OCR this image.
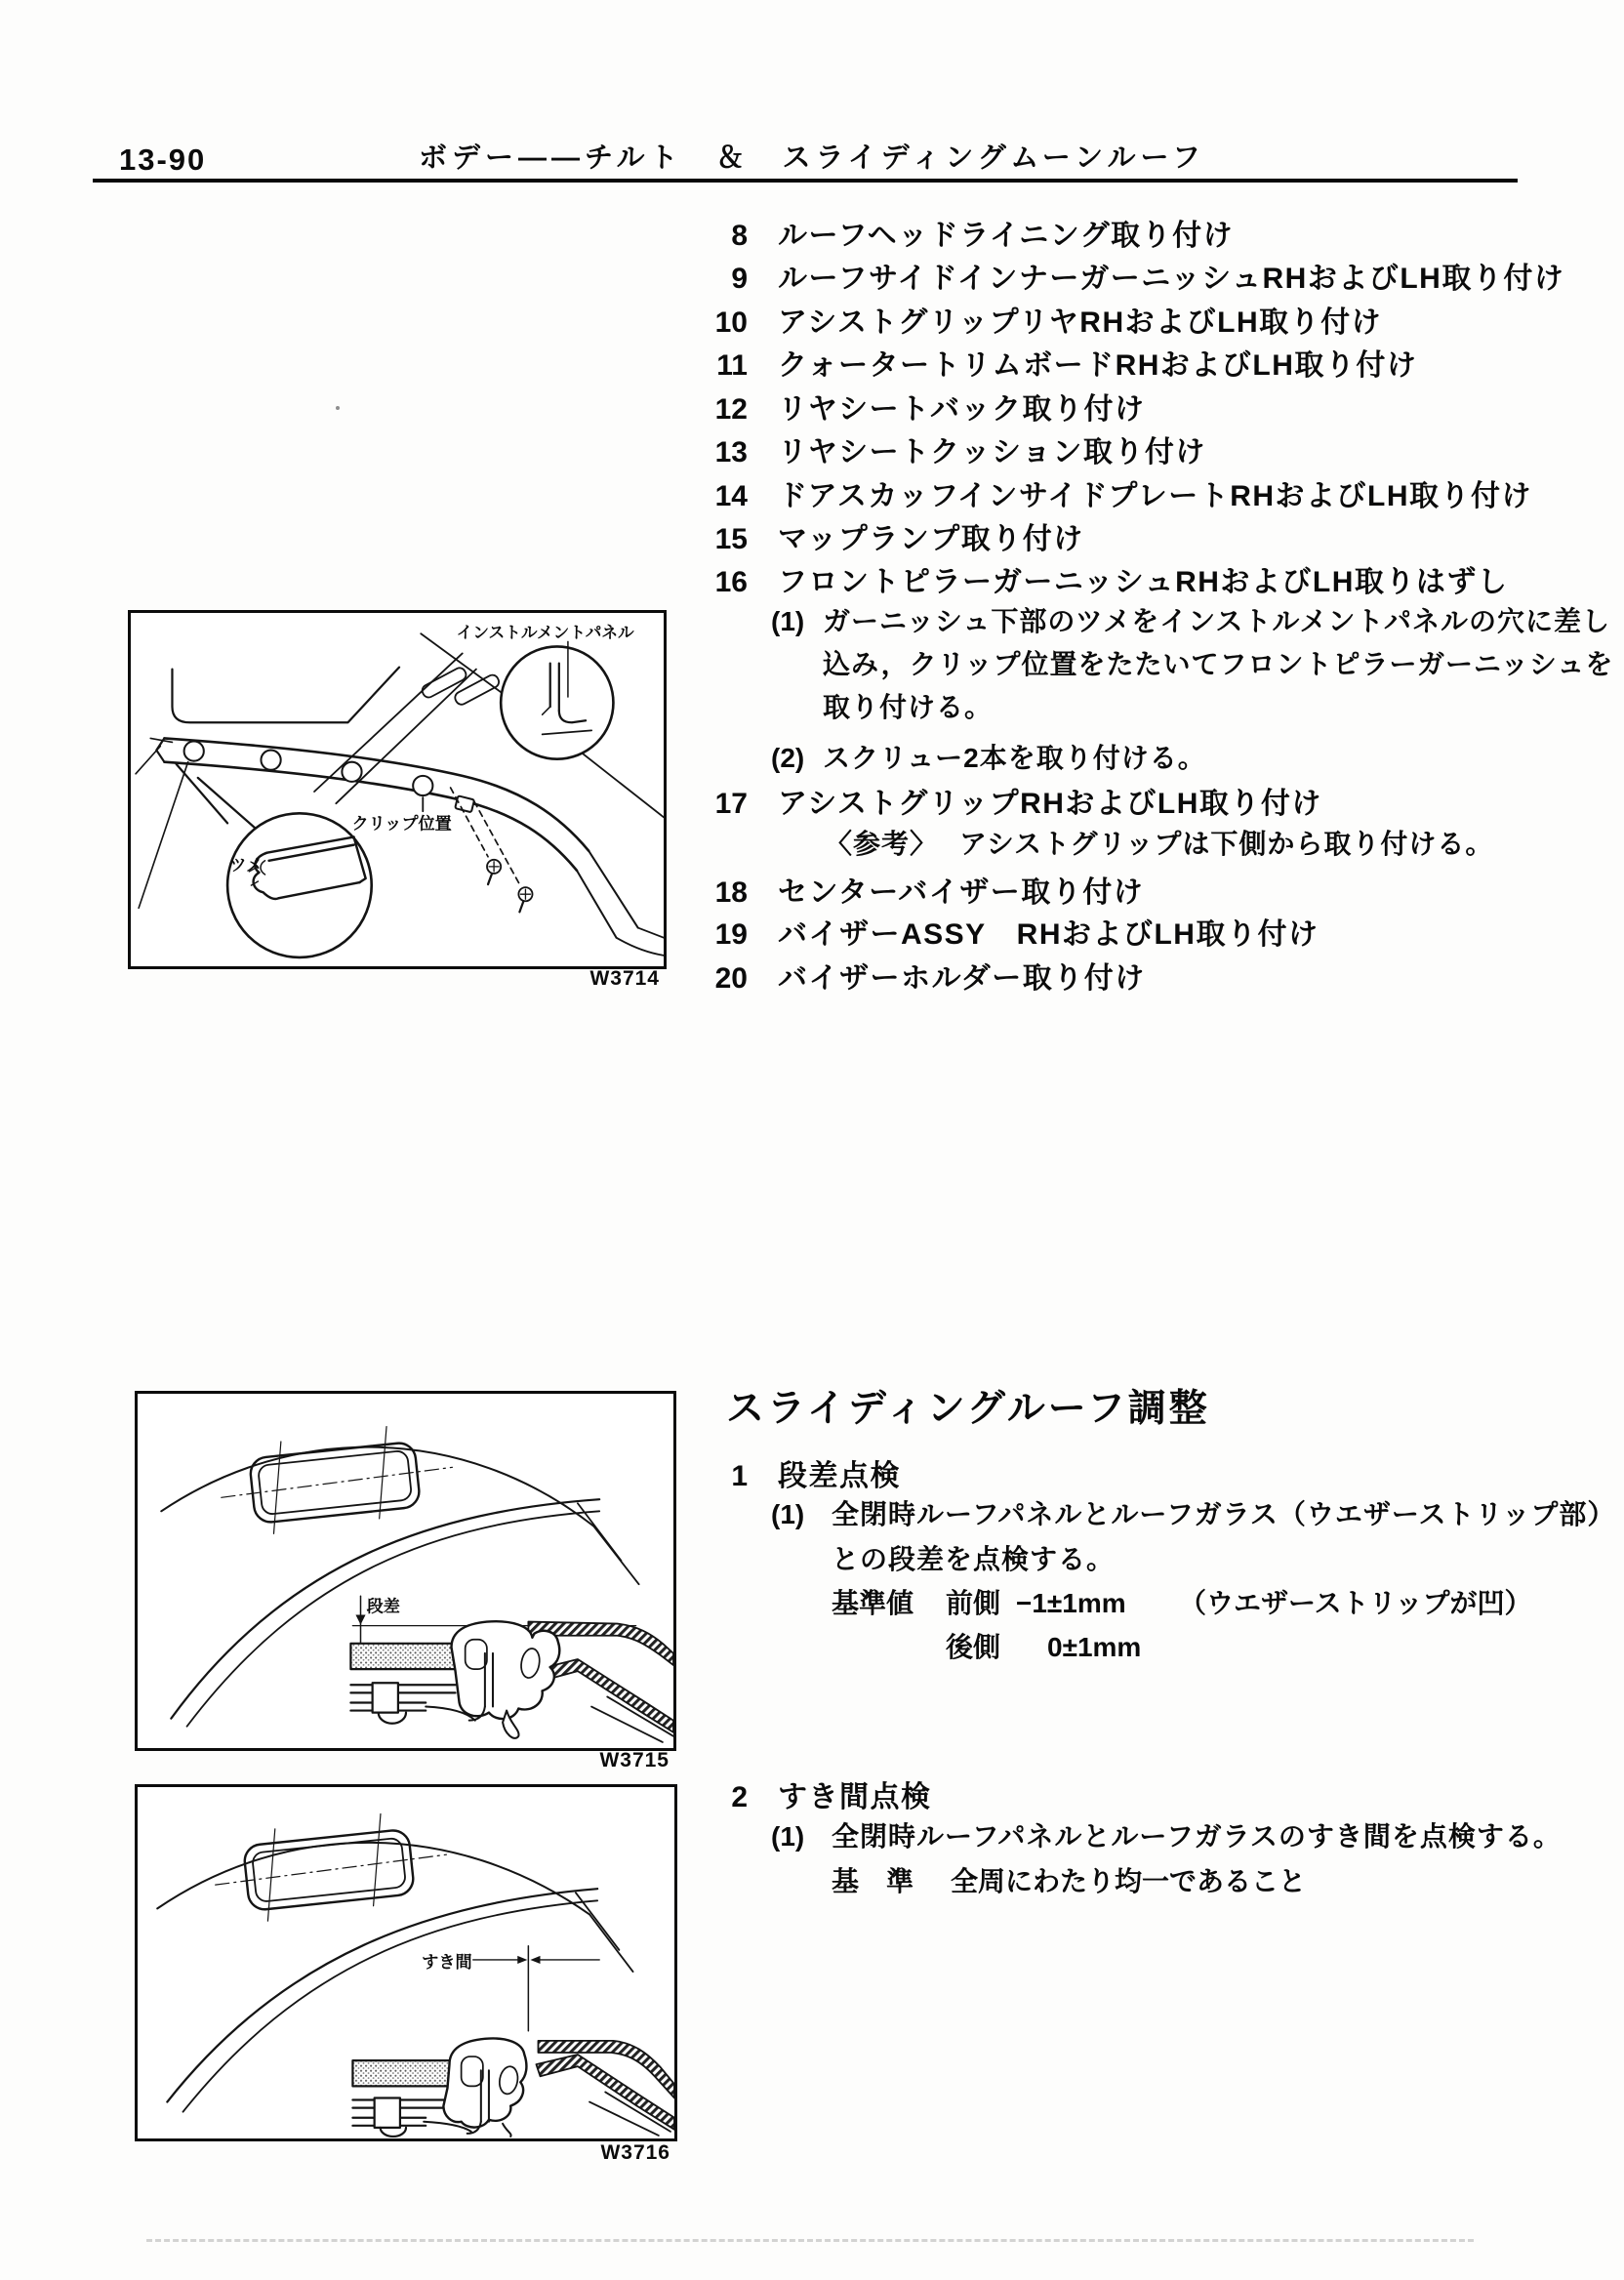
13-90	ボデー――チルト　＆　スライディングムーンルーフ
8 ルーフヘッドライニング取り付け
9 ルーフサイドインナーガーニッシュRHおよびLH取り付け
10 アシストグリップリヤRHおよびLH取り付け
11 クォータートリムボードRHおよびLH取り付け
12 リヤシートバック取り付け
13 リヤシートクッション取り付け
14 ドアスカッフインサイドプレートRHおよびLH取り付け
15 マップランプ取り付け
16 フロントピラーガーニッシュRHおよびLH取りはずし
(1) ガーニッシュ下部のツメをインストルメントパネルの穴に差し
込み，クリップ位置をたたいてフロントピラーガーニッシュを
取り付ける。
(2) スクリュー2本を取り付ける。
17 アシストグリップRHおよびLH取り付け
〈参考〉 アシストグリップは下側から取り付ける。
18 センターバイザー取り付け
19 バイザーASSY　RHおよびLH取り付け
20 バイザーホルダー取り付け
インストルメントパネル
クリップ位置
ツメ
W3714
スライディングルーフ調整
1 段差点検
(1) 全閉時ルーフパネルとルーフガラス（ウエザーストリップ部）
との段差を点検する。
基準値 前側 −1±1mm （ウエザーストリップが凹）
後側 0±1mm
2 すき間点検
(1) 全閉時ルーフパネルとルーフガラスのすき間を点検する。
基　準 全周にわたり均一であること
段差
W3715
すき間
W3716
